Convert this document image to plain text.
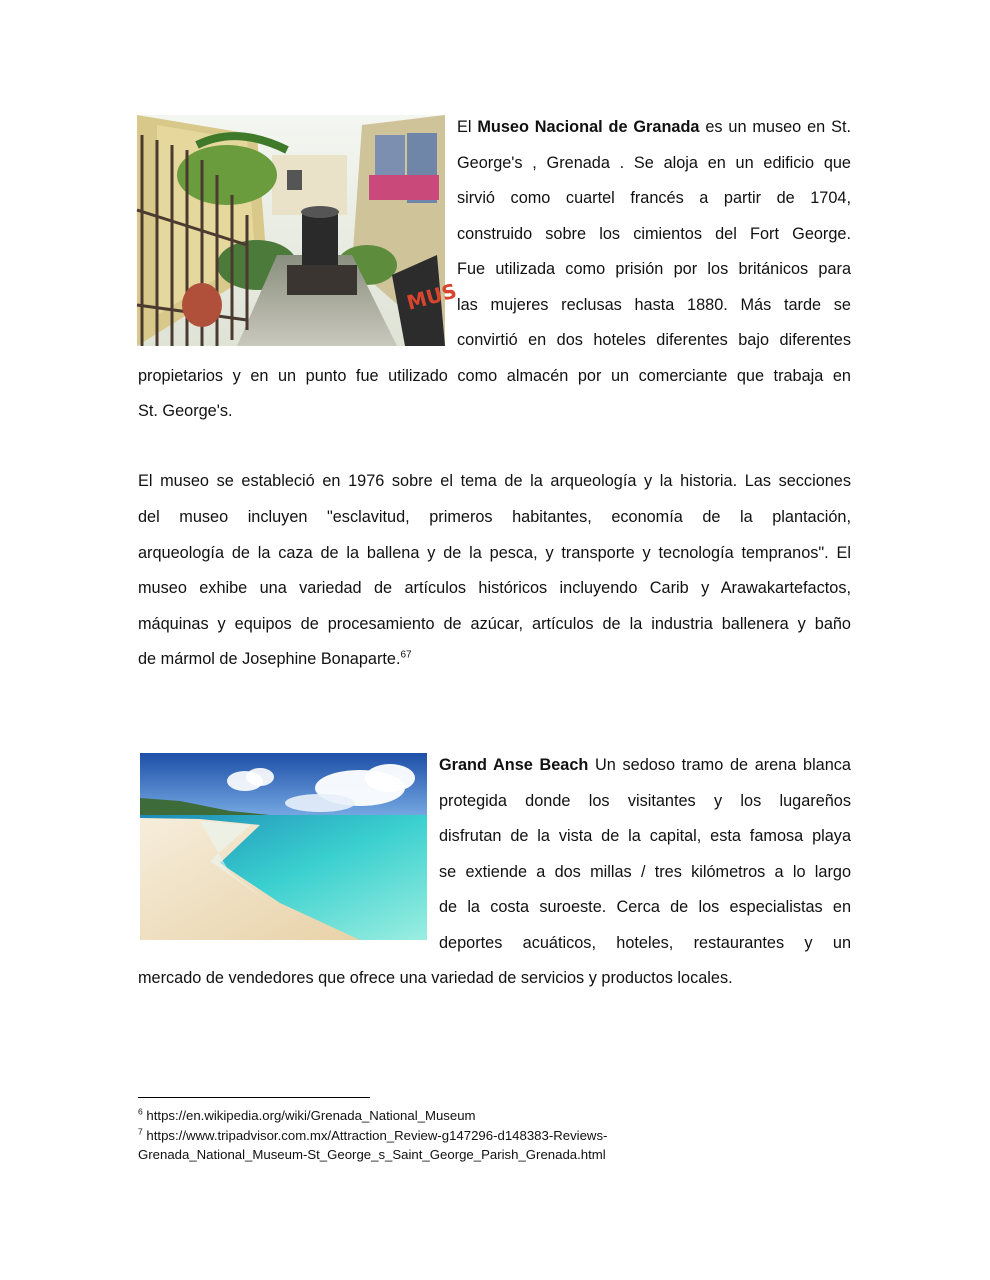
MUS
El Museo Nacional de Granada es un museo en St.
George's , Grenada . Se aloja en un edificio que
sirvió como cuartel francés a partir de 1704,
construido sobre los cimientos del Fort George.
Fue utilizada como prisión por los británicos para
las mujeres reclusas hasta 1880. Más tarde se
convirtió en dos hoteles diferentes bajo diferentes
propietarios y en un punto fue utilizado como almacén por un comerciante que trabaja en
St. George's.
El museo se estableció en 1976 sobre el tema de la arqueología y la historia. Las secciones
del museo incluyen "esclavitud, primeros habitantes, economía de la plantación,
arqueología de la caza de la ballena y de la pesca, y transporte y tecnología tempranos". El
museo exhibe una variedad de artículos históricos incluyendo Carib y Arawakartefactos,
máquinas y equipos de procesamiento de azúcar, artículos de la industria ballenera y baño
de mármol de Josephine Bonaparte.$^{67}$
Grand Anse Beach Un sedoso tramo de arena blanca
protegida donde los visitantes y los lugareños
disfrutan de la vista de la capital, esta famosa playa
se extiende a dos millas / tres kilómetros a lo largo
de la costa suroeste. Cerca de los especialistas en
deportes acuáticos, hoteles, restaurantes y un
mercado de vendedores que ofrece una variedad de servicios y productos locales.
$^6$ https://en.wikipedia.org/wiki/Grenada_National_Museum
$^7$ https://www.tripadvisor.com.mx/Attraction_Review-g147296-d148383-Reviews-
Grenada_National_Museum-St_George_s_Saint_George_Parish_Grenada.html
